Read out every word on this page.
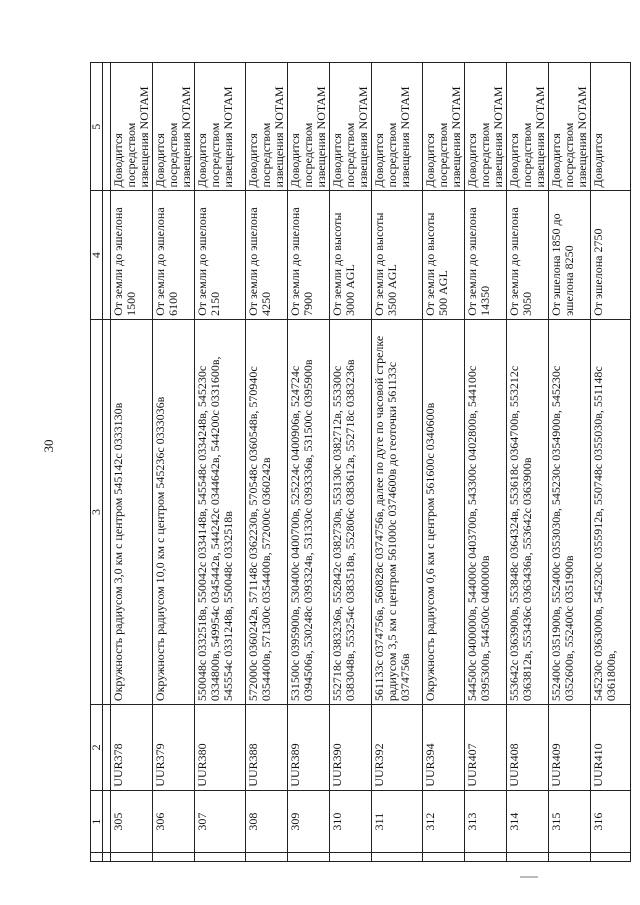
30
	1	2	3	4	5

	305	UUR378	Окружность радиусом 3,0 км с центром 545142с 0333130в	От земли до эшелона 1500	Доводится посредством извещения NOTAM
	306	UUR379	Окружность радиусом 10,0 км с центром 545236с 0333036в	От земли до эшелона 6100	Доводится посредством извещения NOTAM
	307	UUR380	550048с 0332518в, 550042с 0334148в, 545548с 0334248в, 545230с 0334800в, 549954с 0345442в, 544242с 0344642в, 544200с 0331600в, 545554с 0331248в, 550048с 0332518в	От земли до эшелона 2150	Доводится посредством извещения NOTAM
	308	UUR388	572000с 0360242в, 571148с 0362230в, 570548с 0360548в, 570940с 0354400в, 571300с 0354400в, 572000с 0360242в	От земли до эшелона 4250	Доводится посредством извещения NOTAM
	309	UUR389	531500с 0395900в, 530400с 0400700в, 525224с 0400906в, 524724с 0394506в, 530248с 0393324в, 531330с 0393336в, 531500с 0395900в	От земли до эшелона 7900	Доводится посредством извещения NOTAM
	310	UUR390	552718с 0383236в, 552842с 0382730в, 553130с 0382712в, 553300с 0383048в, 553254с 0383518в, 552806с 0383612в, 552718с 0383236в	От земли до высоты 3000 AGL	Доводится посредством извещения NOTAM
	311	UUR392	561133с 0374756в, 560828с 0374756в, далее по дуге по часовой стрелке радиусом 3,5 км с центром 561000с 0374600в до геоточки 561133с 0374756в	От земли до высоты 3500 AGL	Доводится посредством извещения NOTAM
	312	UUR394	Окружность радиусом 0,6 км с центром 561600с 0340600в	От земли до высоты 500 AGL	Доводится посредством извещения NOTAM
	313	UUR407	544500с 0400000в, 544000с 0403700в, 543300с 0402800в, 544100с 0395300в, 544500с 0400000в	От земли до эшелона 14350	Доводится посредством извещения NOTAM
	314	UUR408	553642с 0363900в, 553848с 0364324в, 553618с 0364700в, 553212с 0363812в, 553436с 0363436в, 553642с 0363900в	От земли до эшелона 3050	Доводится посредством извещения NOTAM
	315	UUR409	552400с 0351900в, 552400с 0353030в, 545230с 0354900в, 545230с 0352600в, 552400с 0351900в	От эшелона 1850 до эшелона 8250	Доводится посредством извещения NOTAM
	316	UUR410	545230с 0363000в, 545230с 0355912в, 550748с 0355030в, 551148с 0361800в,	От эшелона 2750	Доводится
